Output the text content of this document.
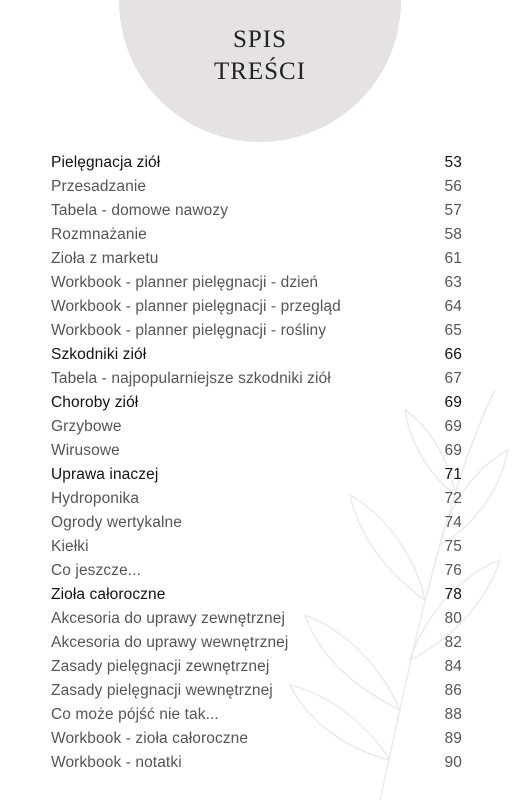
SPIS
TREŚCI
Pielęgnacja ziół	53
Przesadzanie	56
Tabela - domowe nawozy	57
Rozmnażanie	58
Zioła z marketu	61
Workbook - planner pielęgnacji - dzień	63
Workbook - planner pielęgnacji - przegląd	64
Workbook - planner pielęgnacji - rośliny	65
Szkodniki ziół	66
Tabela - najpopularniejsze szkodniki ziół	67
Choroby ziół	69
Grzybowe	69
Wirusowe	69
Uprawa inaczej	71
Hydroponika	72
Ogrody wertykalne	74
Kiełki	75
Co jeszcze...	76
Zioła całoroczne	78
Akcesoria do uprawy zewnętrznej	80
Akcesoria do uprawy wewnętrznej	82
Zasady pielęgnacji zewnętrznej	84
Zasady pielęgnacji wewnętrznej	86
Co może pójść nie tak...	88
Workbook - zioła całoroczne	89
Workbook - notatki	90
